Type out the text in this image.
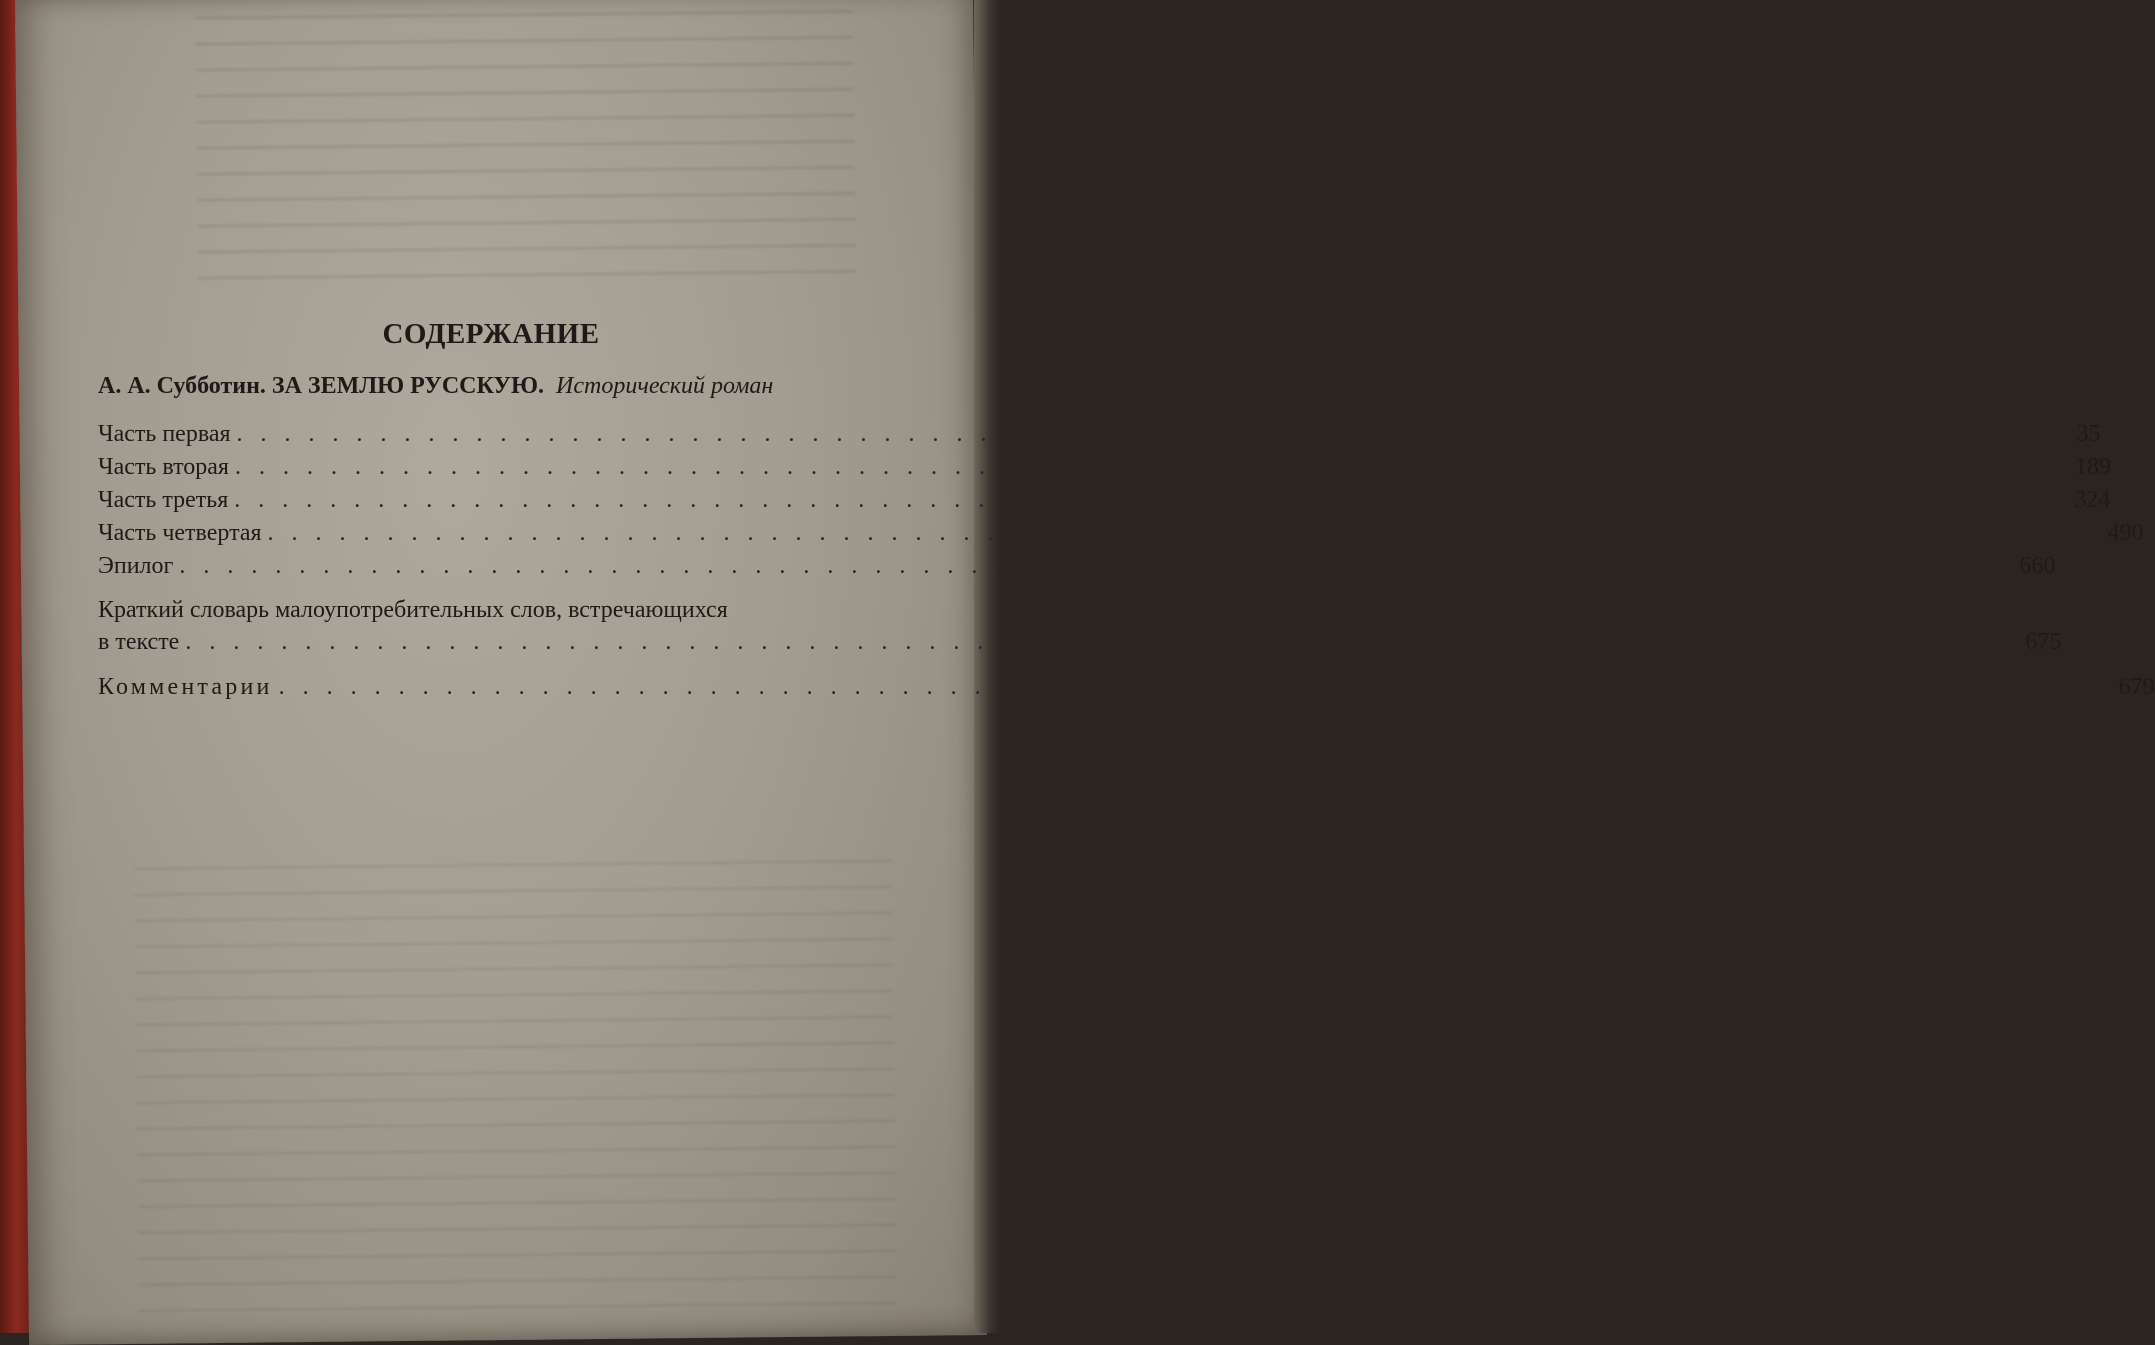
СОДЕРЖАНИЕ
А. А. Субботин. ЗА ЗЕМЛЮ РУССКУЮ. Исторический роман
Часть первая . . . . . . . . . . . . . . . . . . . . . . . . . . . . . . . . . . . . . . . . . . . . . . . . . . . . . . . . . . . . . . . . . . . . . . . . . . . . . 35
Часть вторая . . . . . . . . . . . . . . . . . . . . . . . . . . . . . . . . . . . . . . . . . . . . . . . . . . . . . . . . . . . . . . . . . . . . . . . . . . . . . 189
Часть третья . . . . . . . . . . . . . . . . . . . . . . . . . . . . . . . . . . . . . . . . . . . . . . . . . . . . . . . . . . . . . . . . . . . . . . . . . . . . . 324
Часть четвертая . . . . . . . . . . . . . . . . . . . . . . . . . . . . . . . . . . . . . . . . . . . . . . . . . . . . . . . . . . . . . . . . . . . . . . . . . . . . . 490
Эпилог . . . . . . . . . . . . . . . . . . . . . . . . . . . . . . . . . . . . . . . . . . . . . . . . . . . . . . . . . . . . . . . . . . . . . . . . . . . . . 660
Краткий словарь малоупотребительных слов, встречающихся
в тексте . . . . . . . . . . . . . . . . . . . . . . . . . . . . . . . . . . . . . . . . . . . . . . . . . . . . . . . . . . . . . . . . . . . . . . . . . . . . . 675
Комментарии . . . . . . . . . . . . . . . . . . . . . . . . . . . . . . . . . . . . . . . . . . . . . . . . . . . . . . . . . . . . . . . . . . . . . . . . . . . . . 679
